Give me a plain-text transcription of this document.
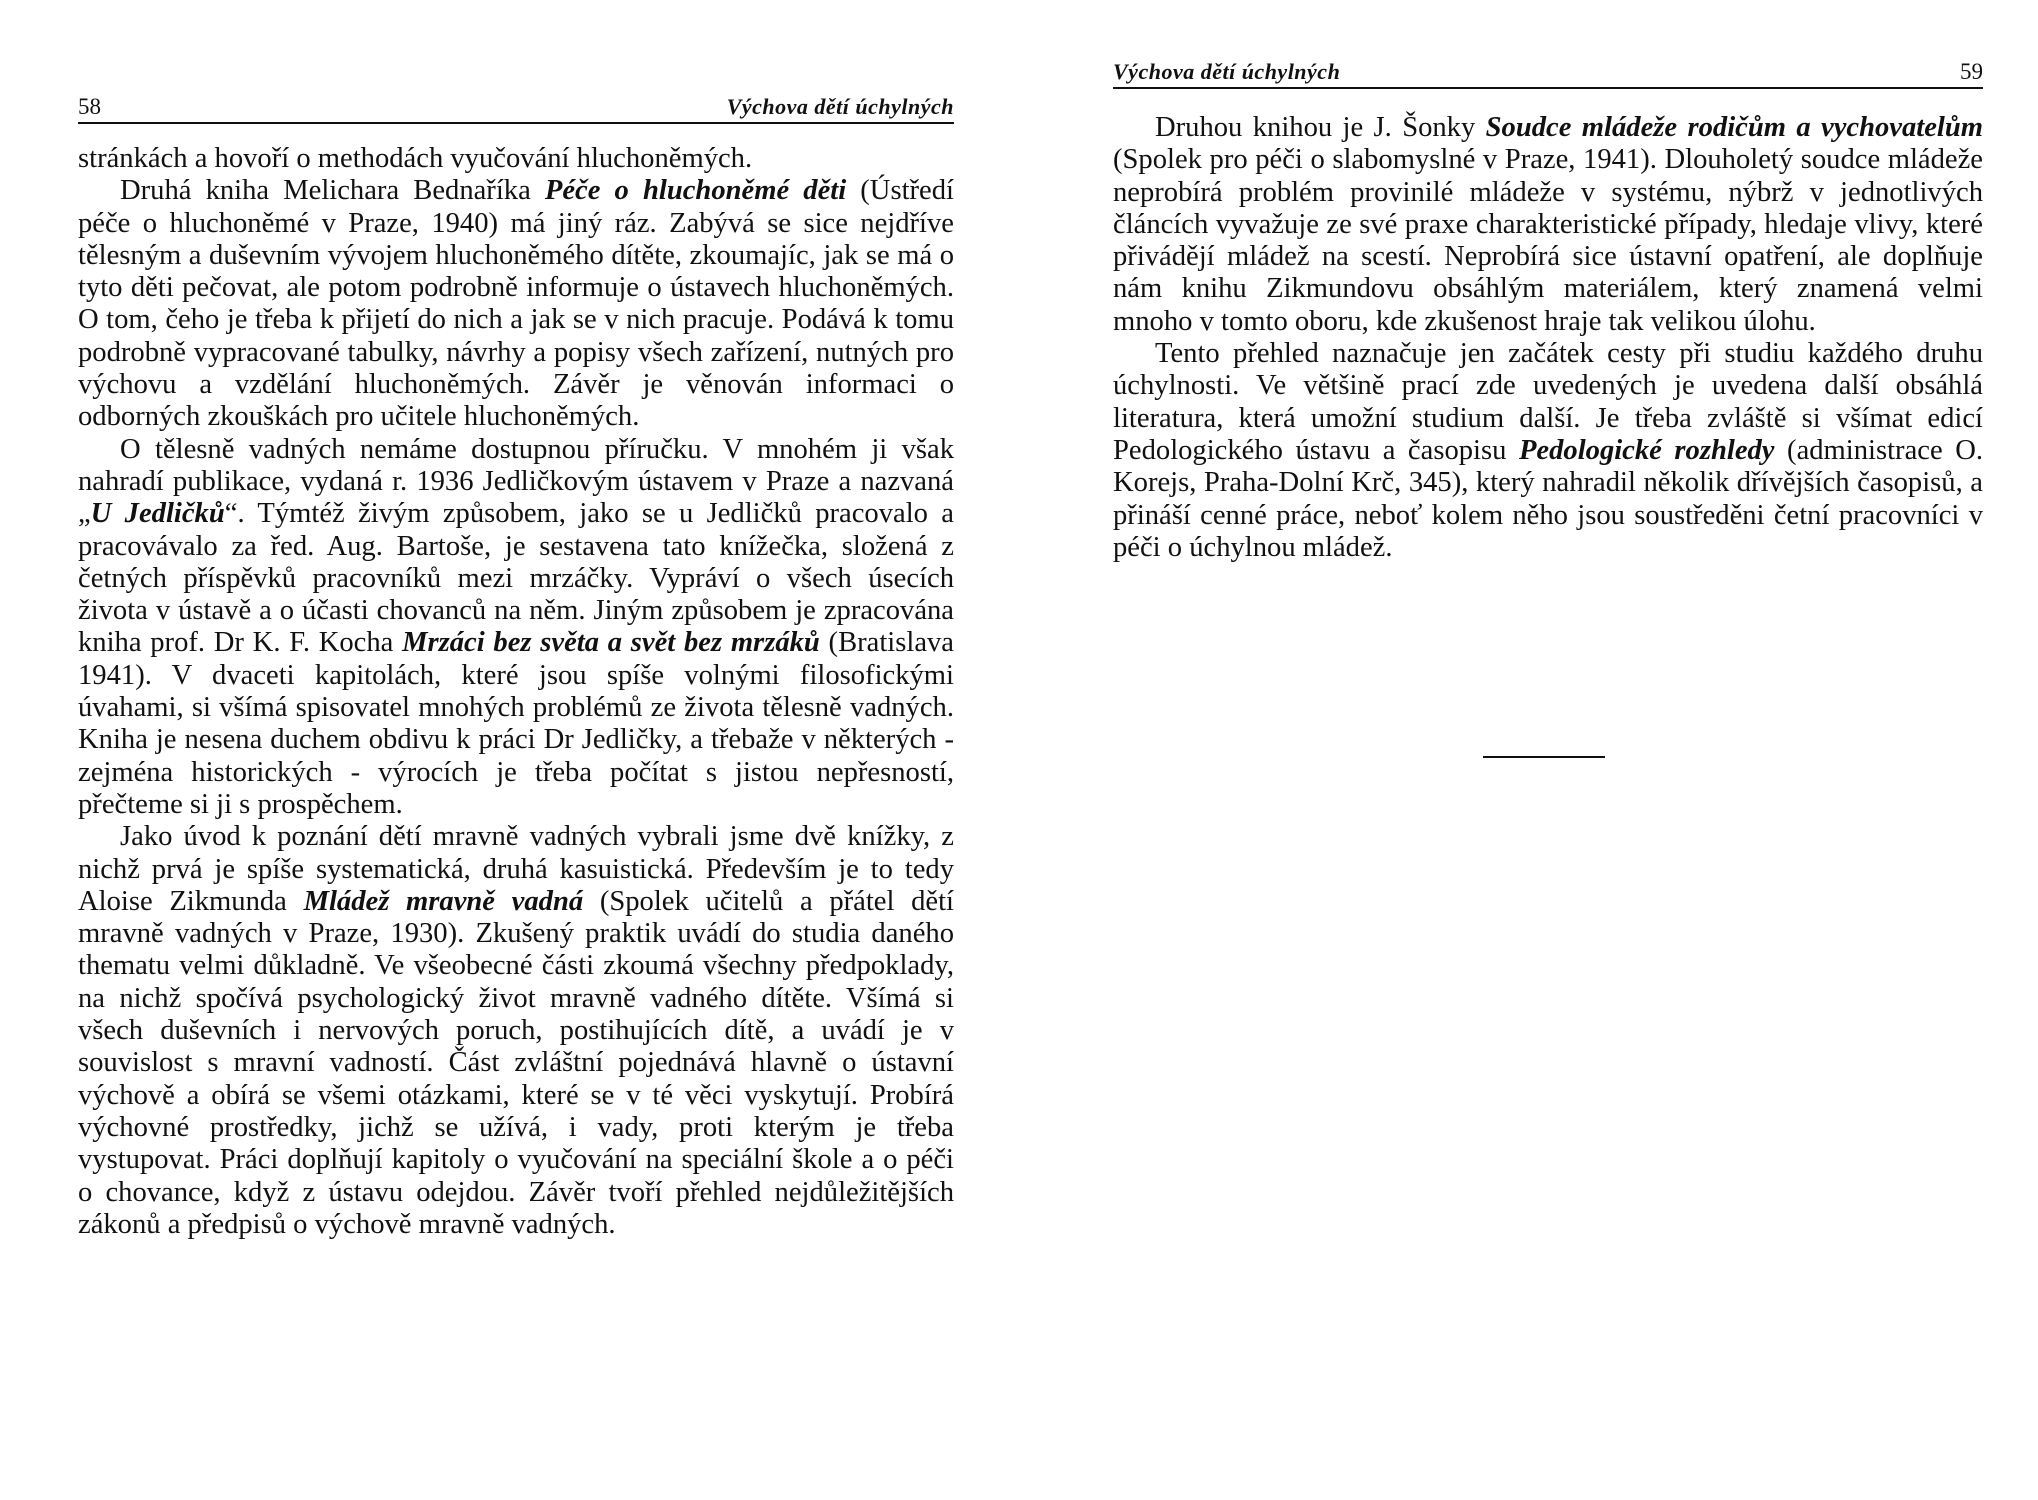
58	Výchova dětí úchylných

stránkách a hovoří o methodách vyučování hluchoněmých.

Druhá kniha Melichara Bednaříka Péče o hluchoněmé děti (Ústředí péče o hluchoněmé v Praze, 1940) má jiný ráz. Zabývá se sice nejdříve tělesným a duševním vývojem hluchoněmého dítěte, zkoumajíc, jak se má o tyto děti pečovat, ale potom podrobně informuje o ústavech hluchoněmých. O tom, čeho je třeba k přijetí do nich a jak se v nich pracuje. Podává k tomu podrobně vypracované tabulky, návrhy a popisy všech zařízení, nutných pro výchovu a vzdělání hluchoněmých. Závěr je věnován informaci o odborných zkouškách pro učitele hluchoněmých.

O tělesně vadných nemáme dostupnou příručku. V mnohém ji však nahradí publikace, vydaná r. 1936 Jedličkovým ústavem v Praze a nazvaná „U Jedličků“. Týmtéž živým způsobem, jako se u Jedličků pracovalo a pracovávalo za řed. Aug. Bartoše, je sestavena tato knížečka, složená z četných příspěvků pracovníků mezi mrzáčky. Vypráví o všech úsecích života v ústavě a o účasti chovanců na něm. Jiným způsobem je zpracována kniha prof. Dr K. F. Kocha Mrzáci bez světa a svět bez mrzáků (Bratislava 1941). V dvaceti kapitolách, které jsou spíše volnými filosofickými úvahami, si všímá spisovatel mnohých problémů ze života tělesně vadných. Kniha je nesena duchem obdivu k práci Dr Jedličky, a třebaže v některých - zejména historických - výrocích je třeba počítat s jistou nepřesností, přečteme si ji s prospěchem.

Jako úvod k poznání dětí mravně vadných vybrali jsme dvě knížky, z nichž prvá je spíše systematická, druhá kasuistická. Především je to tedy Aloise Zikmunda Mládež mravně vadná (Spolek učitelů a přátel dětí mravně vadných v Praze, 1930). Zkušený praktik uvádí do studia daného thematu velmi důkladně. Ve všeobecné části zkoumá všechny předpoklady, na nichž spočívá psychologický život mravně vadného dítěte. Všímá si všech duševních i nervových poruch, postihujících dítě, a uvádí je v souvislost s mravní vadností. Část zvláštní pojednává hlavně o ústavní výchově a obírá se všemi otázkami, které se v té věci vyskytují. Probírá výchovné prostředky, jichž se užívá, i vady, proti kterým je třeba vystupovat. Práci doplňují kapitoly o vyučování na speciální škole a o péči o chovance, když z ústavu odejdou. Závěr tvoří přehled nejdůležitějších zákonů a předpisů o výchově mravně vadných.

Výchova dětí úchylných	59

Druhou knihou je J. Šonky Soudce mládeže rodičům a vychovatelům (Spolek pro péči o slabomyslné v Praze, 1941). Dlouholetý soudce mládeže neprobírá problém provinilé mládeže v systému, nýbrž v jednotlivých článcích vyvažuje ze své praxe charakteristické případy, hledaje vlivy, které přivádějí mládež na scestí. Neprobírá sice ústavní opatření, ale doplňuje nám knihu Zikmundovu obsáhlým materiálem, který znamená velmi mnoho v tomto oboru, kde zkušenost hraje tak velikou úlohu.

Tento přehled naznačuje jen začátek cesty při studiu každého druhu úchylnosti. Ve většině prací zde uvedených je uvedena další obsáhlá literatura, která umožní studium další. Je třeba zvláště si všímat edicí Pedologického ústavu a časopisu Pedologické rozhledy (administrace O. Korejs, Praha-Dolní Krč, 345), který nahradil několik dřívějších časopisů, a přináší cenné práce, neboť kolem něho jsou soustředěni četní pracovníci v péči o úchylnou mládež.
